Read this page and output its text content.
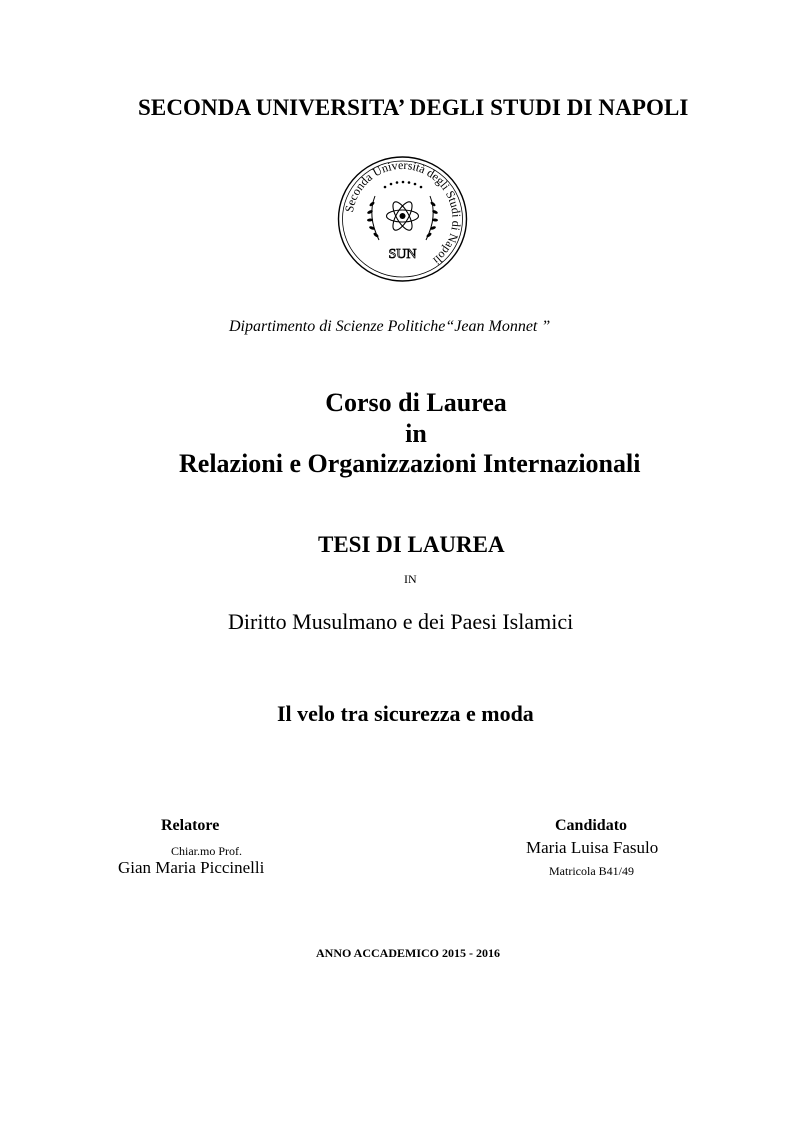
SECONDA UNIVERSITA’ DEGLI STUDI DI NAPOLI
Seconda Università degli Studi di Napoli
SUN
Dipartimento di Scienze Politiche“Jean Monnet ”
Corso di Laurea
in
Relazioni e Organizzazioni Internazionali
TESI DI LAUREA
IN
Diritto Musulmano e dei Paesi Islamici
Il velo tra sicurezza e moda
Relatore
Chiar.mo Prof.
Gian Maria Piccinelli
Candidato
Maria Luisa Fasulo
Matricola B41/49
ANNO ACCADEMICO 2015 - 2016
